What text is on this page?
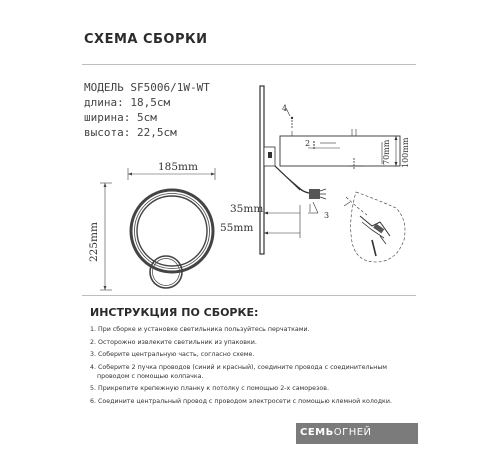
СХЕМА СБОРКИ
МОДЕЛЬ SF5006/1W-WT
длина: 18,5см
ширина: 5см
высота: 22,5см
185mm
225mm
35mm
55mm
3
4
2	70mm 100mm
ИНСТРУКЦИЯ ПО СБОРКЕ:
1. При сборке и установке светильника пользуйтесь перчатками.
2. Осторожно извлеките светильник из упаковки.
3. Соберите центральную часть, согласно схеме.
4. Соберите 2 пучка проводов (синий и красный), соедините провода с соединительным
проводом с помощью колпачка.
5. Прикрепите крепежную планку к потолку с помощью 2-х саморезов.
6. Соедините центральный провод с проводом электросети с помощью клемной колодки.
СЕМЬОГНЕЙ
